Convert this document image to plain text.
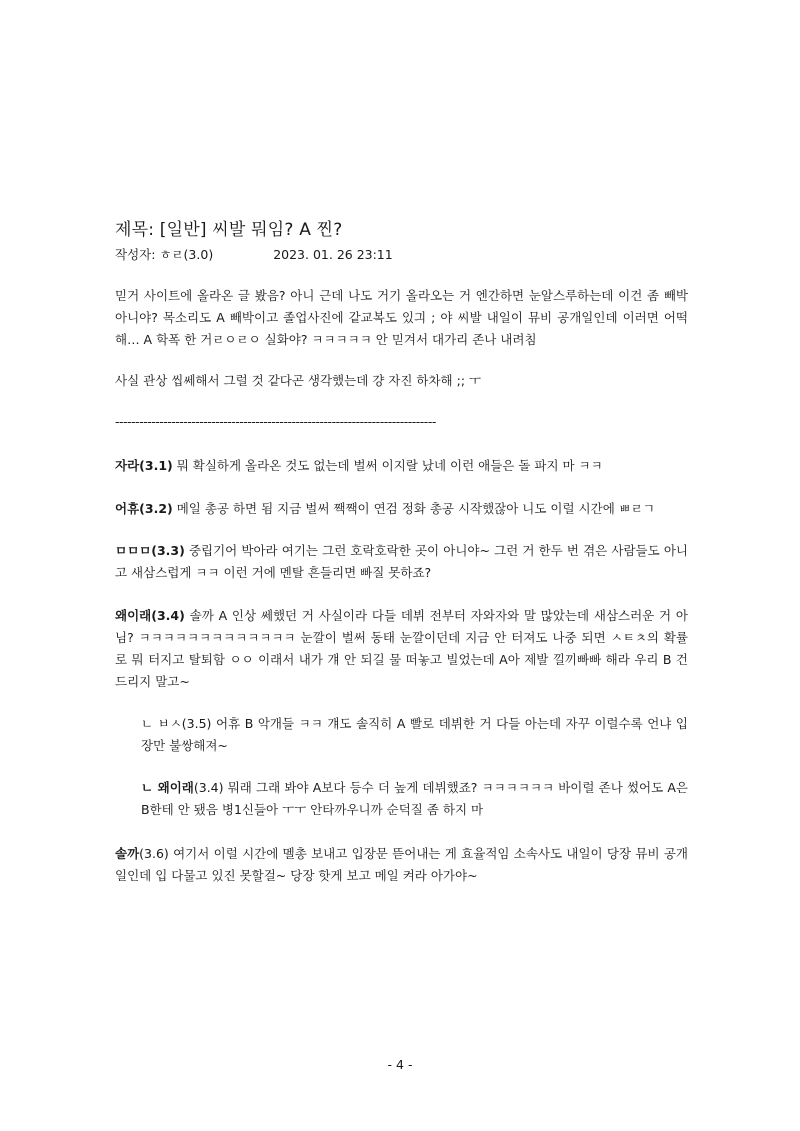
제목: [일반] 씨발 뭐임? A 찐?
작성자: ㅎㄹ(3.0)	2023. 01. 26 23:11
믿거 사이트에 올라온 글 봤음? 아니 근데 나도 거기 올라오는 거 엔간하면 눈알스루하는데 이건 좀 빼박 아니야? 목소리도 A 빼박이고 졸업사진에 같교복도 있긔 ; 야 씨발 내일이 뮤비 공개일인데 이러면 어떡해… A 학폭 한 거ㄹㅇㄹㅇ 실화야? ㅋㅋㅋㅋㅋ 안 믿겨서 대가리 존나 내려침
사실 관상 씹쎄해서 그럴 것 같다곤 생각했는데 걍 자진 하차해 ;; ㅜ
--------------------------------------------------------------------------------
자라(3.1) 뭐 확실하게 올라온 것도 없는데 벌써 이지랄 났네 이런 애들은 돌 파지 마 ㅋㅋ
어휴(3.2) 메일 총공 하면 됨 지금 벌써 짹짹이 연검 정화 총공 시작했잖아 니도 이럴 시간에 ㅃㄹㄱ
ㅁㅁㅁ(3.3) 중립기어 박아라 여기는 그런 호락호락한 곳이 아니야~ 그런 거 한두 번 겪은 사람들도 아니고 새삼스럽게 ㅋㅋ 이런 거에 멘탈 흔들리면 빠질 못하죠?
왜이래(3.4) 솔까 A 인상 쎄했던 거 사실이라 다들 데뷔 전부터 자와자와 말 많았는데 새삼스러운 거 아님? ㅋㅋㅋㅋㅋㅋㅋㅋㅋㅋㅋㅋㅋ 눈깔이 벌써 동태 눈깔이던데 지금 안 터져도 나중 되면 ㅅㅌㅊ의 확률로 뭐 터지고 탈퇴함 ㅇㅇ 이래서 내가 걔 안 되길 물 떠놓고 빌었는데 A아 제발 낄끼빠빠 해라 우리 B 건드리지 말고~
ㄴ ㅂㅅ(3.5) 어휴 B 악개들 ㅋㅋ 걔도 솔직히 A 빨로 데뷔한 거 다들 아는데 자꾸 이럴수록 언냐 입장만 불쌍해져~
ㄴ 왜이래(3.4) 뭐래 그래 봐야 A보다 등수 더 높게 데뷔했죠? ㅋㅋㅋㅋㅋㅋ 바이럴 존나 썼어도 A은 B한테 안 됐음 병1신들아 ㅜㅜ 안타까우니까 순덕질 좀 하지 마
솔까(3.6) 여기서 이럴 시간에 멜총 보내고 입장문 뜯어내는 게 효율적임 소속사도 내일이 당장 뮤비 공개일인데 입 다물고 있진 못할걸~ 당장 핫게 보고 메일 켜라 아가야~
- 4 -
